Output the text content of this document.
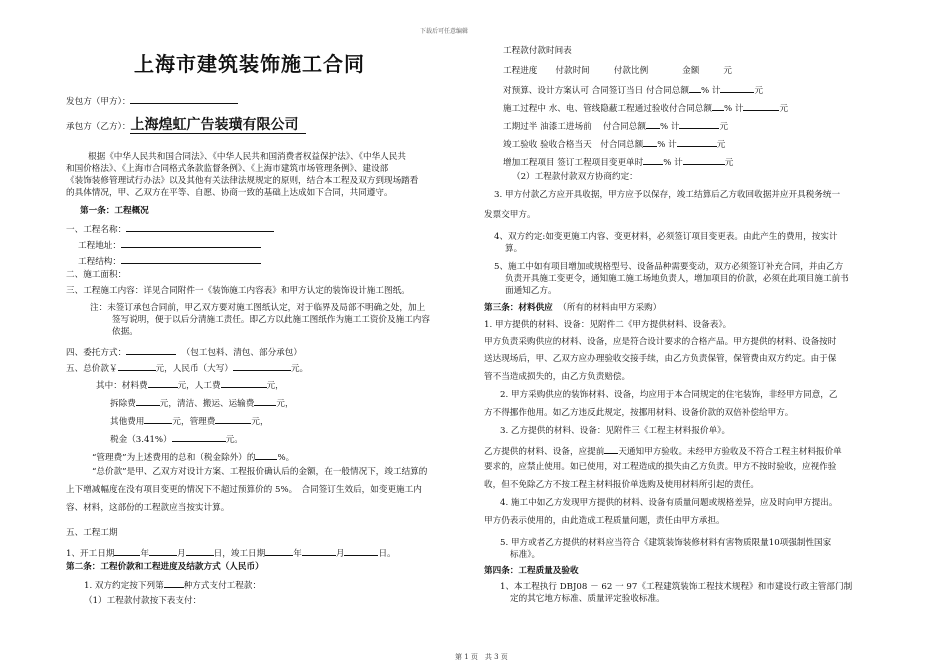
下载后可任意编辑
第 1 页　共 3 页
上海市建筑装饰施工合同
发包方（甲方）：
承包方（乙方）：上海煌虹广告装璜有限公司
根据《中华人民共和国合同法》、《中华人民共和国消费者权益保护法》、《中华人民共
和国价格法》、《上海市合同格式条款监督条例》、《上海市建筑市场管理条例》、建设部
《装饰装修管理试行办法》以及其他有关法律法规规定的原则，结合本工程及双方到现场踏看
的具体情况，甲、乙双方在平等、自愿、协商一致的基础上达成如下合同，共同遵守。
第一条：工程概况
一、工程名称：
工程地址：
工程结构：
二、施工面积：
三、工程施工内容：详见合同附件一《装饰施工内容表》和甲方认定的装饰设计施工图纸。
注：未签订承包合同前，甲乙双方要对施工图纸认定，对于临界及局部不明确之处，加上
签写说明，便于以后分清施工责任。即乙方以此施工图纸作为施工工资价及施工内容
依据。
四、委托方式：	（包工包料、清包、部分承包）
五、总价款￥	元，人民币（大写）	元。
其中：材料费	元，人工费	元，
拆除费	元，清洁、搬运、运输费	元，
其他费用	元，管理费	元，
税金（3.41%）	元。
“管理费”为上述费用的总和（税金除外）的	%。
“总价款”是甲、乙双方对设计方案、工程报价确认后的金额，在一般情况下，竣工结算的
上下增减幅度在没有项目变更的情况下不超过预算价的 5%。　合同签订生效后，如变更施工内
容、材料，这部份的工程款应当按实计算。
五、工程工期
1、开工日期	年	月	日，竣工日期	年	月	日。
第二条：工程价款和工程进度及结款方式（人民币）
1. 双方约定按下列第 种方式支付工程款：
（1）工程款付款按下表支付：
工程款付款时间表
工程进度 付款时间	付款比例	金额	元
对预算、设计方案认可 合同签订当日 付合同总额 % 计	元
施工过程中 水、电、管线隐蔽工程通过验收付合同总额 % 计	元
工期过半 油漆工进场前　 付合同总额 % 计	元
竣工验收 验收合格当天　付合同总额 % 计	元
增加工程项目 签订工程项目变更单时 % 计	元
（2）工程款付款双方协商约定：
3. 甲方付款乙方应开具收据，甲方应予以保存，竣工结算后乙方收回收据并应开具税务统一
发票交甲方。
4、双方约定:如变更施工内容、变更材料，必须签订项目变更表。由此产生的费用，按实计
算。
5、施工中如有项目增加或规格型号、设备品种需要变动，双方必须签订补充合同，并由乙方
负责开具施工变更令，通知施工施工场地负责人，增加项目的价款，必须在此项目施工前书
面通知乙方。
第三条：材料供应 （所有的材料由甲方采购）
1. 甲方提供的材料、设备：见附件二《甲方提供材料、设备表》。
甲方负责采购供应的材料、设备，应是符合设计要求的合格产品。甲方提供的材料、设备按时
送达现场后，甲、乙双方应办理验收交接手续，由乙方负责保管，保管费由双方约定。由于保
管不当造成损失的，由乙方负责赔偿。
2. 甲方采购供应的装饰材料、设备，均应用于本合同规定的住宅装饰，非经甲方同意，乙
方不得挪作他用。如乙方违反此规定，按挪用材料、设备价款的双倍补偿给甲方。
3. 乙方提供的材料、设备：见附件三《工程主材料报价单》。
乙方提供的材料、设备，应提前 天通知甲方验收。未经甲方验收及不符合工程主材料报价单
要求的，应禁止使用。如已使用，对工程造成的损失由乙方负责。甲方不按时验收，应视作验
收，但不免除乙方不按工程主材料报价单选购及使用材料所引起的责任。
4. 施工中如乙方发现甲方提供的材料、设备有质量问题或规格差异，应及时向甲方提出。
甲方仍表示使用的，由此造成工程质量问题，责任由甲方承担。
5. 甲方或者乙方提供的材料应当符合《建筑装饰装修材料有害物质限量10项强制性国家
标准》。
第四条：工程质量及验收
1、本工程执行 DBJ08 － 62 一 97《工程建筑装饰工程技术规程》和市建设行政主管部门制
定的其它地方标准、质量评定验收标准。
